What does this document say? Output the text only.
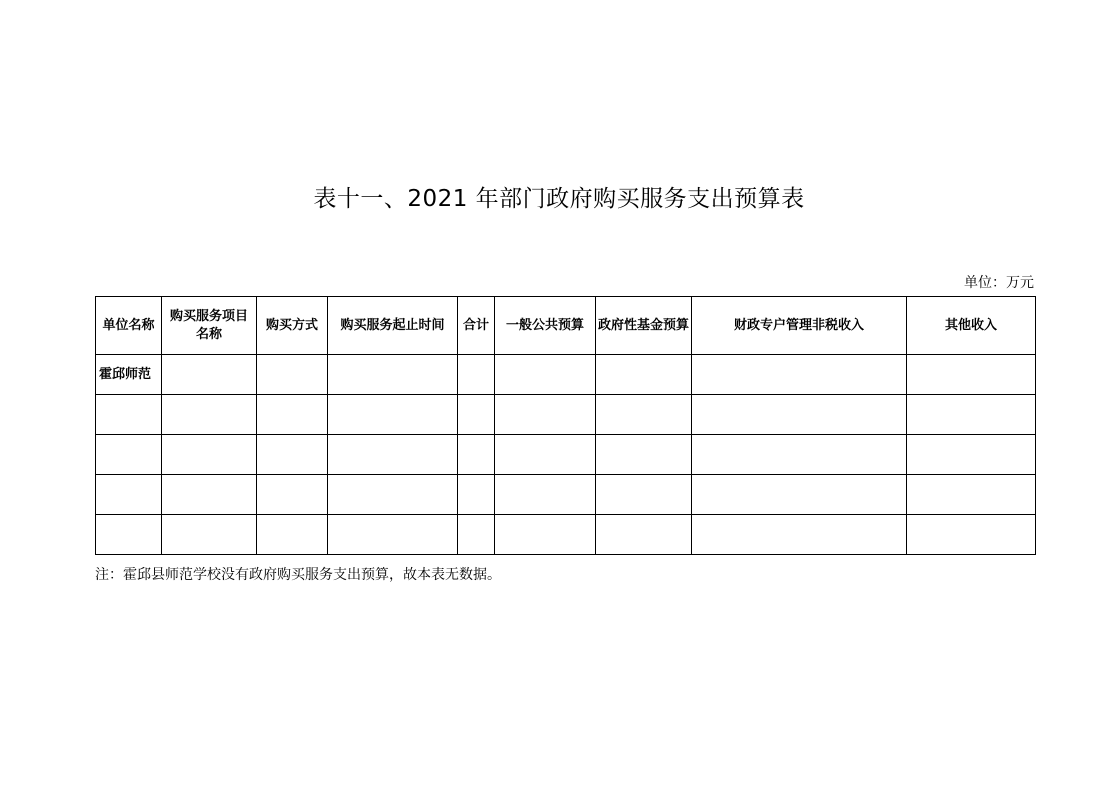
表十一、2021 年部门政府购买服务支出预算表
单位：万元
单位名称	购买服务项目名称	购买方式	购买服务起止时间	合计	一般公共预算	政府性基金预算	财政专户管理非税收入	其他收入
霍邱师范								

注：霍邱县师范学校没有政府购买服务支出预算，故本表无数据。
